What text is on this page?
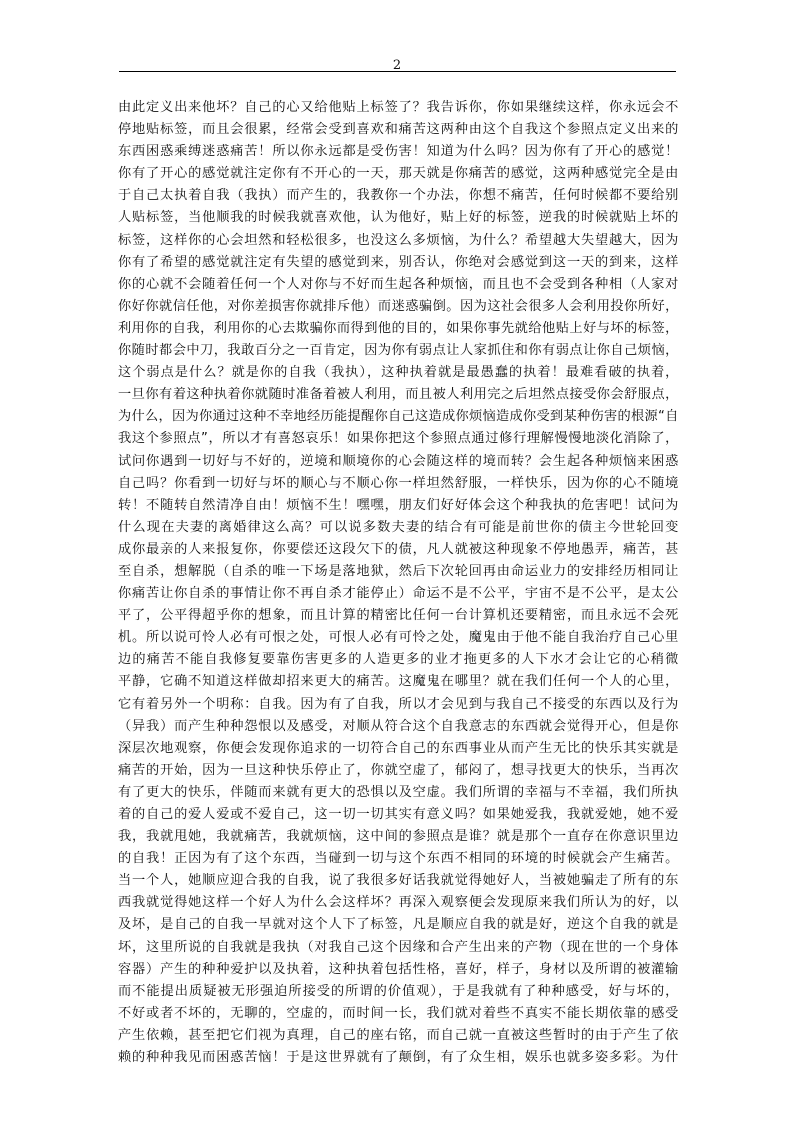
2
由此定义出来他坏？自己的心又给他贴上标签了？我告诉你，你如果继续这样，你永远会不
停地贴标签，而且会很累，经常会受到喜欢和痛苦这两种由这个自我这个参照点定义出来的
东西困惑乘缚迷惑痛苦！所以你永远都是受伤害！知道为什么吗？因为你有了开心的感觉！
你有了开心的感觉就注定你有不开心的一天，那天就是你痛苦的感觉，这两种感觉完全是由
于自己太执着自我（我执）而产生的，我教你一个办法，你想不痛苦，任何时候都不要给别
人贴标签，当他顺我的时候我就喜欢他，认为他好，贴上好的标签，逆我的时候就贴上坏的
标签，这样你的心会坦然和轻松很多，也没这么多烦恼，为什么？希望越大失望越大，因为
你有了希望的感觉就注定有失望的感觉到来，别否认，你绝对会感觉到这一天的到来，这样
你的心就不会随着任何一个人对你与不好而生起各种烦恼，而且也不会受到各种相（人家对
你好你就信任他，对你差损害你就排斥他）而迷惑骗倒。因为这社会很多人会利用投你所好，
利用你的自我，利用你的心去欺骗你而得到他的目的，如果你事先就给他贴上好与坏的标签，
你随时都会中刀，我敢百分之一百肯定，因为你有弱点让人家抓住和你有弱点让你自己烦恼，
这个弱点是什么？就是你的自我（我执），这种执着就是最愚蠢的执着！最难看破的执着，
一旦你有着这种执着你就随时准备着被人利用，而且被人利用完之后坦然点接受你会舒服点，
为什么，因为你通过这种不幸地经历能提醒你自己这造成你烦恼造成你受到某种伤害的根源“自
我这个参照点”，所以才有喜怒哀乐！如果你把这个参照点通过修行理解慢慢地淡化消除了，
试问你遇到一切好与不好的，逆境和顺境你的心会随这样的境而转？会生起各种烦恼来困惑
自己吗？你看到一切好与坏的顺心与不顺心你一样坦然舒服，一样快乐，因为你的心不随境
转！不随转自然清净自由！烦恼不生！嘿嘿，朋友们好好体会这个种我执的危害吧！试问为
什么现在夫妻的离婚律这么高？可以说多数夫妻的结合有可能是前世你的债主今世轮回变
成你最亲的人来报复你，你要偿还这段欠下的债，凡人就被这种现象不停地愚弄，痛苦，甚
至自杀，想解脱（自杀的唯一下场是落地狱，然后下次轮回再由命运业力的安排经历相同让
你痛苦让你自杀的事情让你不再自杀才能停止）命运不是不公平，宇宙不是不公平，是太公
平了，公平得超乎你的想象，而且计算的精密比任何一台计算机还要精密，而且永远不会死
机。所以说可怜人必有可恨之处，可恨人必有可怜之处，魔鬼由于他不能自我治疗自己心里
边的痛苦不能自我修复要靠伤害更多的人造更多的业才拖更多的人下水才会让它的心稍微
平静，它确不知道这样做却招来更大的痛苦。这魔鬼在哪里？就在我们任何一个人的心里，
它有着另外一个明称：自我。因为有了自我，所以才会见到与我自己不接受的东西以及行为
（异我）而产生种种怨恨以及感受，对顺从符合这个自我意志的东西就会觉得开心，但是你
深层次地观察，你便会发现你追求的一切符合自己的东西事业从而产生无比的快乐其实就是
痛苦的开始，因为一旦这种快乐停止了，你就空虚了，郁闷了，想寻找更大的快乐，当再次
有了更大的快乐，伴随而来就有更大的恐惧以及空虚。我们所谓的幸福与不幸福，我们所执
着的自己的爱人爱或不爱自己，这一切一切其实有意义吗？如果她爱我，我就爱她，她不爱
我，我就甩她，我就痛苦，我就烦恼，这中间的参照点是谁？就是那个一直存在你意识里边
的自我！正因为有了这个东西，当碰到一切与这个东西不相同的环境的时候就会产生痛苦。
当一个人，她顺应迎合我的自我，说了我很多好话我就觉得她好人，当被她骗走了所有的东
西我就觉得她这样一个好人为什么会这样坏？再深入观察便会发现原来我们所认为的好，以
及坏，是自己的自我一早就对这个人下了标签，凡是顺应自我的就是好，逆这个自我的就是
坏，这里所说的自我就是我执（对我自己这个因缘和合产生出来的产物（现在世的一个身体
容器）产生的种种爱护以及执着，这种执着包括性格，喜好，样子，身材以及所谓的被灌输
而不能提出质疑被无形强迫所接受的所谓的价值观），于是我就有了种种感受，好与坏的，
不好或者不坏的，无聊的，空虚的，而时间一长，我们就对着些不真实不能长期依靠的感受
产生依赖，甚至把它们视为真理，自己的座右铭，而自己就一直被这些暂时的由于产生了依
赖的种种我见而困惑苦恼！于是这世界就有了颠倒，有了众生相，娱乐也就多姿多彩。为什
